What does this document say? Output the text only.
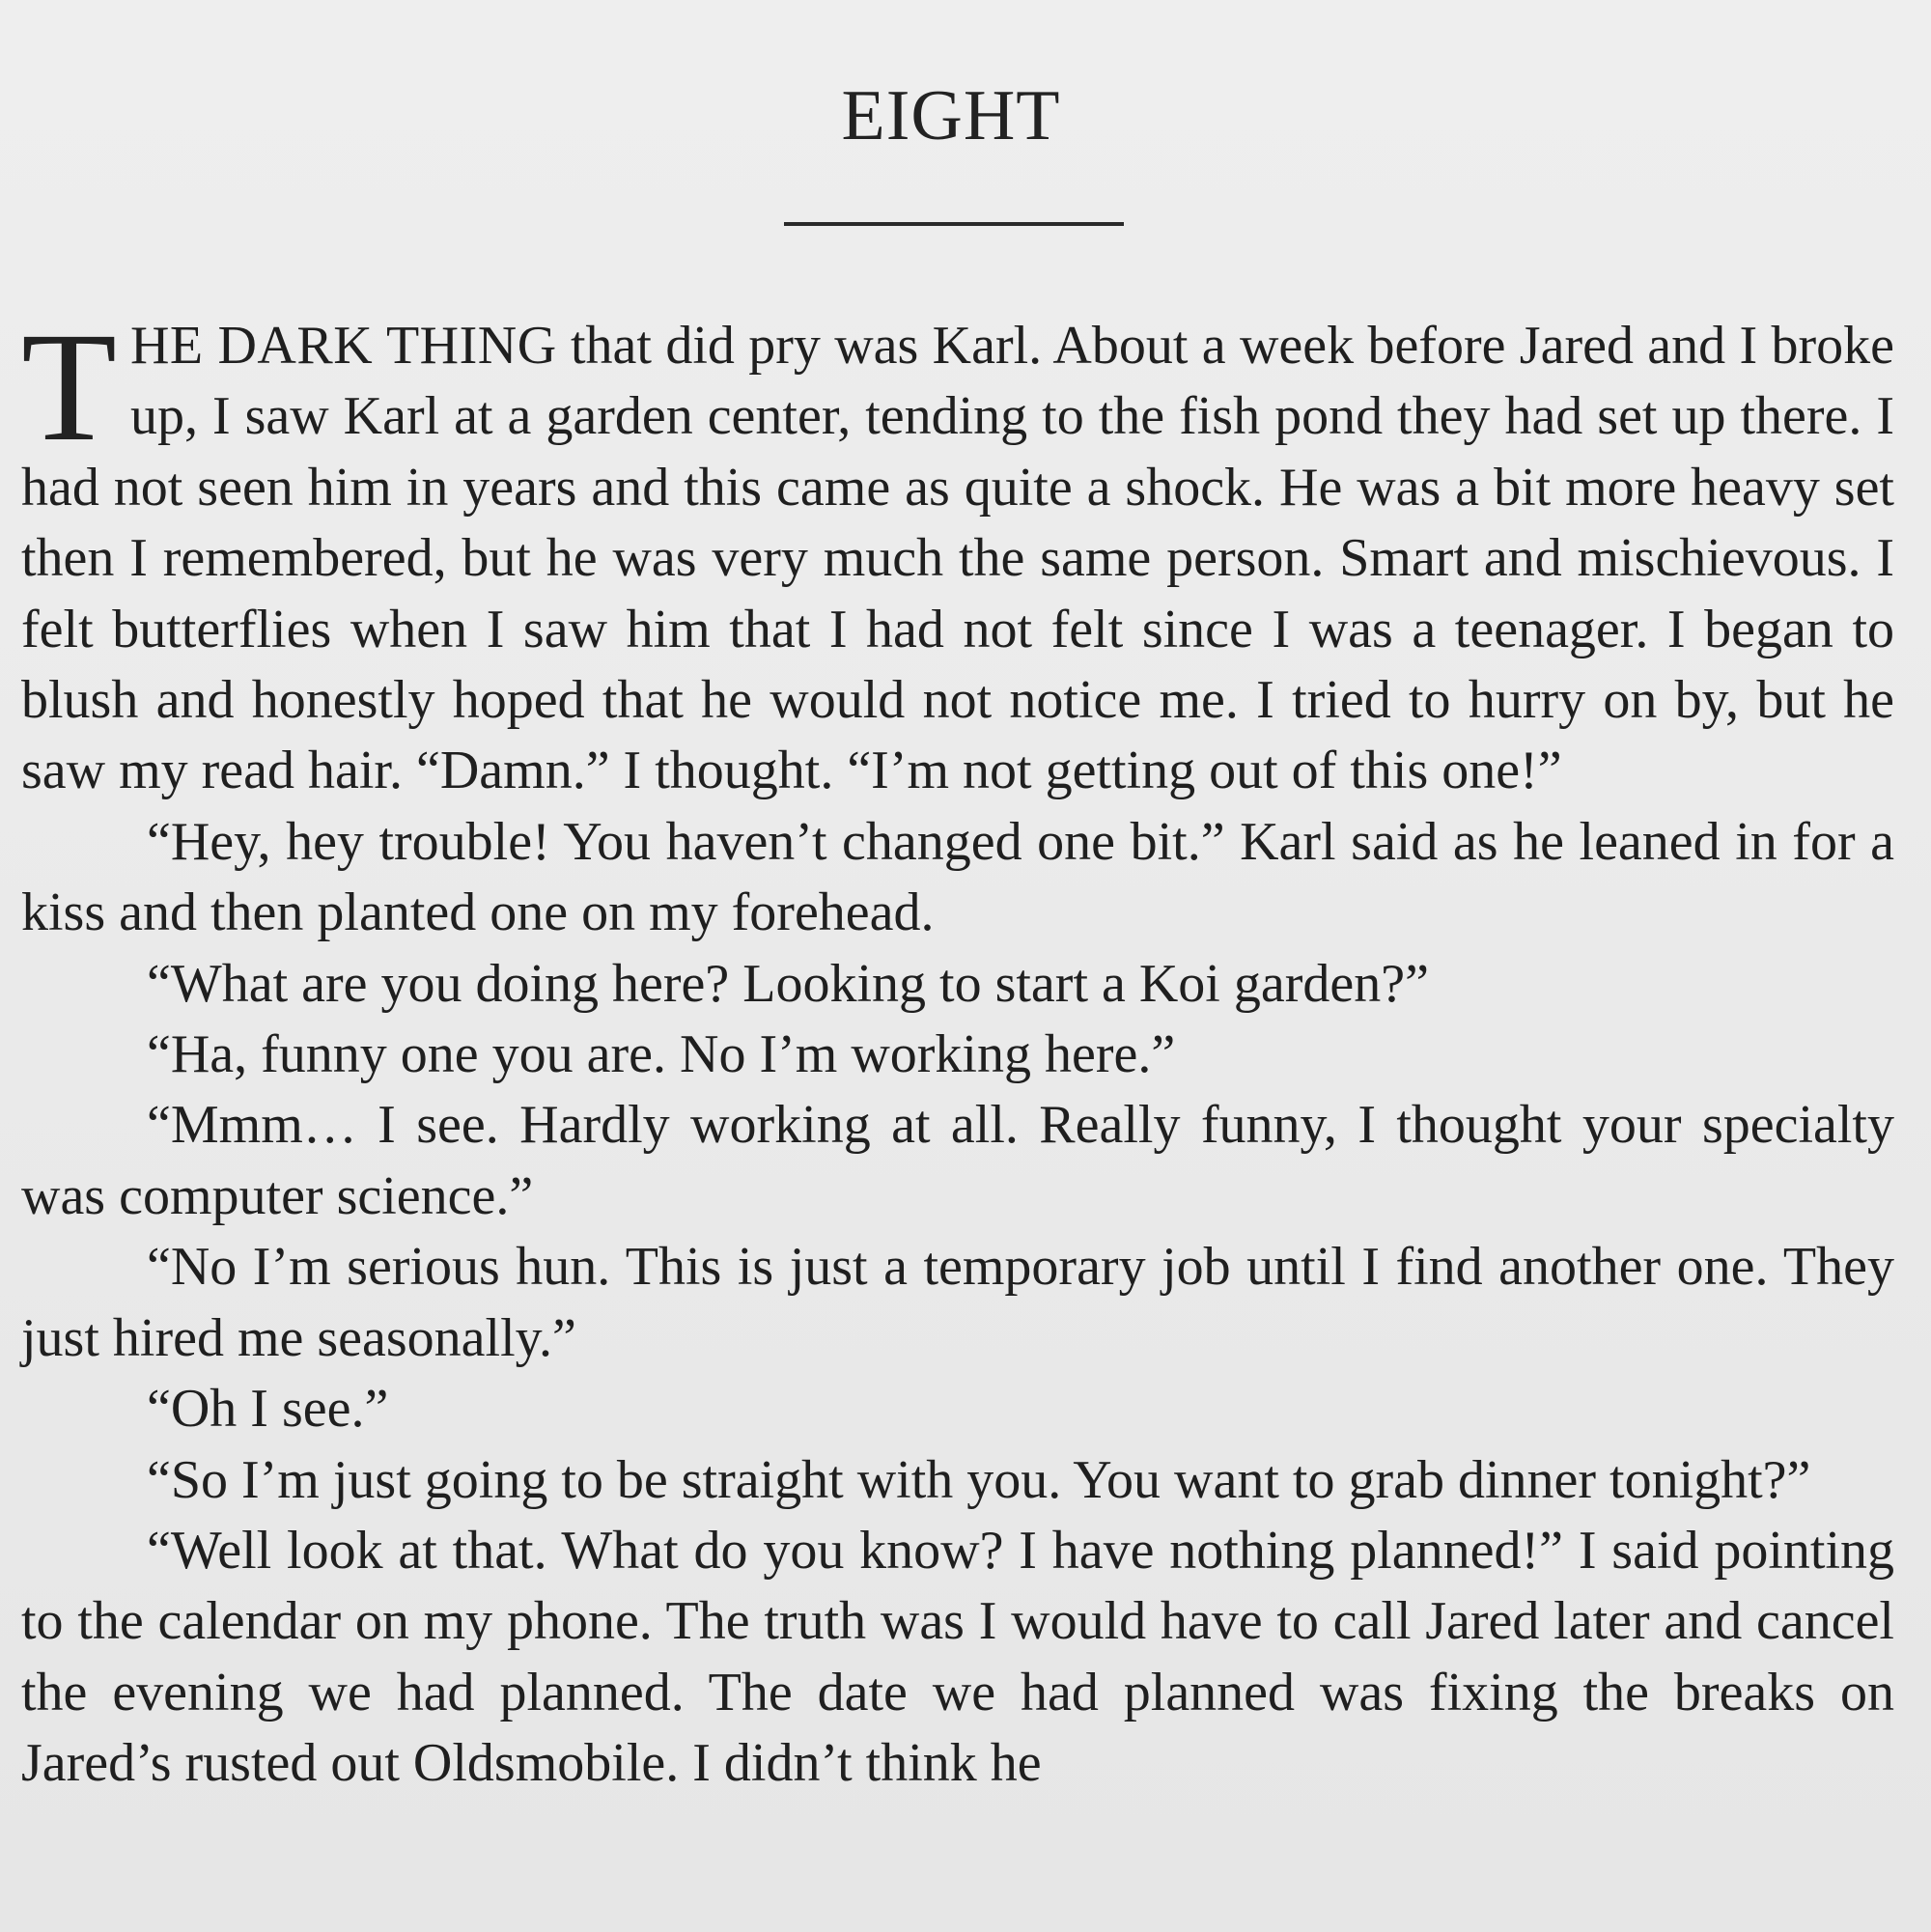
EIGHT

THE DARK THING that did pry was Karl. About a week before Jared and I broke up, I saw Karl at a garden center, tending to the fish pond they had set up there. I had not seen him in years and this came as quite a shock. He was a bit more heavy set then I remembered, but he was very much the same person. Smart and mischievous. I felt butterflies when I saw him that I had not felt since I was a teenager. I began to blush and honestly hoped that he would not notice me. I tried to hurry on by, but he saw my read hair. “Damn.” I thought. “I’m not getting out of this one!”

“Hey, hey trouble! You haven’t changed one bit.” Karl said as he leaned in for a kiss and then planted one on my forehead.

“What are you doing here? Looking to start a Koi garden?”

“Ha, funny one you are. No I’m working here.”

“Mmm… I see. Hardly working at all. Really funny, I thought your specialty was computer science.”

“No I’m serious hun. This is just a temporary job until I find another one. They just hired me seasonally.”

“Oh I see.”

“So I’m just going to be straight with you. You want to grab dinner tonight?”

“Well look at that. What do you know? I have nothing planned!” I said pointing to the calendar on my phone. The truth was I would have to call Jared later and cancel the evening we had planned. The date we had planned was fixing the breaks on Jared’s rusted out Oldsmobile. I didn’t think he
